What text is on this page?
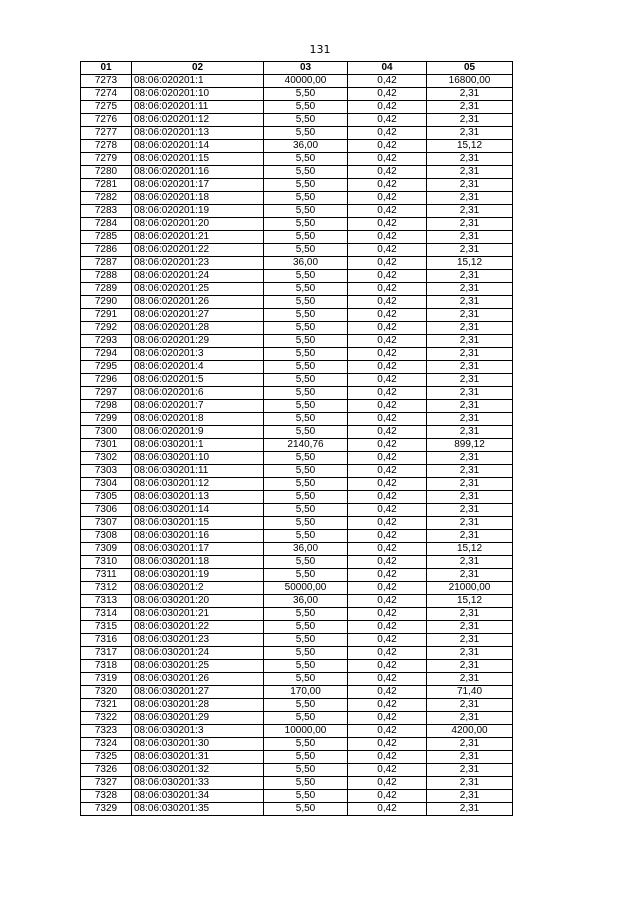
131
01	02	03	04	05
7273	08:06:020201:1	40000,00	0,42	16800,00
7274	08:06:020201:10	5,50	0,42	2,31
7275	08:06:020201:11	5,50	0,42	2,31
7276	08:06:020201:12	5,50	0,42	2,31
7277	08:06:020201:13	5,50	0,42	2,31
7278	08:06:020201:14	36,00	0,42	15,12
7279	08:06:020201:15	5,50	0,42	2,31
7280	08:06:020201:16	5,50	0,42	2,31
7281	08:06:020201:17	5,50	0,42	2,31
7282	08:06:020201:18	5,50	0,42	2,31
7283	08:06:020201:19	5,50	0,42	2,31
7284	08:06:020201:20	5,50	0,42	2,31
7285	08:06:020201:21	5,50	0,42	2,31
7286	08:06:020201:22	5,50	0,42	2,31
7287	08:06:020201:23	36,00	0,42	15,12
7288	08:06:020201:24	5,50	0,42	2,31
7289	08:06:020201:25	5,50	0,42	2,31
7290	08:06:020201:26	5,50	0,42	2,31
7291	08:06:020201:27	5,50	0,42	2,31
7292	08:06:020201:28	5,50	0,42	2,31
7293	08:06:020201:29	5,50	0,42	2,31
7294	08:06:020201:3	5,50	0,42	2,31
7295	08:06:020201:4	5,50	0,42	2,31
7296	08:06:020201:5	5,50	0,42	2,31
7297	08:06:020201:6	5,50	0,42	2,31
7298	08:06:020201:7	5,50	0,42	2,31
7299	08:06:020201:8	5,50	0,42	2,31
7300	08:06:020201:9	5,50	0,42	2,31
7301	08:06:030201:1	2140,76	0,42	899,12
7302	08:06:030201:10	5,50	0,42	2,31
7303	08:06:030201:11	5,50	0,42	2,31
7304	08:06:030201:12	5,50	0,42	2,31
7305	08:06:030201:13	5,50	0,42	2,31
7306	08:06:030201:14	5,50	0,42	2,31
7307	08:06:030201:15	5,50	0,42	2,31
7308	08:06:030201:16	5,50	0,42	2,31
7309	08:06:030201:17	36,00	0,42	15,12
7310	08:06:030201:18	5,50	0,42	2,31
7311	08:06:030201:19	5,50	0,42	2,31
7312	08:06:030201:2	50000,00	0,42	21000,00
7313	08:06:030201:20	36,00	0,42	15,12
7314	08:06:030201:21	5,50	0,42	2,31
7315	08:06:030201:22	5,50	0,42	2,31
7316	08:06:030201:23	5,50	0,42	2,31
7317	08:06:030201:24	5,50	0,42	2,31
7318	08:06:030201:25	5,50	0,42	2,31
7319	08:06:030201:26	5,50	0,42	2,31
7320	08:06:030201:27	170,00	0,42	71,40
7321	08:06:030201:28	5,50	0,42	2,31
7322	08:06:030201:29	5,50	0,42	2,31
7323	08:06:030201:3	10000,00	0,42	4200,00
7324	08:06:030201:30	5,50	0,42	2,31
7325	08:06:030201:31	5,50	0,42	2,31
7326	08:06:030201:32	5,50	0,42	2,31
7327	08:06:030201:33	5,50	0,42	2,31
7328	08:06:030201:34	5,50	0,42	2,31
7329	08:06:030201:35	5,50	0,42	2,31
